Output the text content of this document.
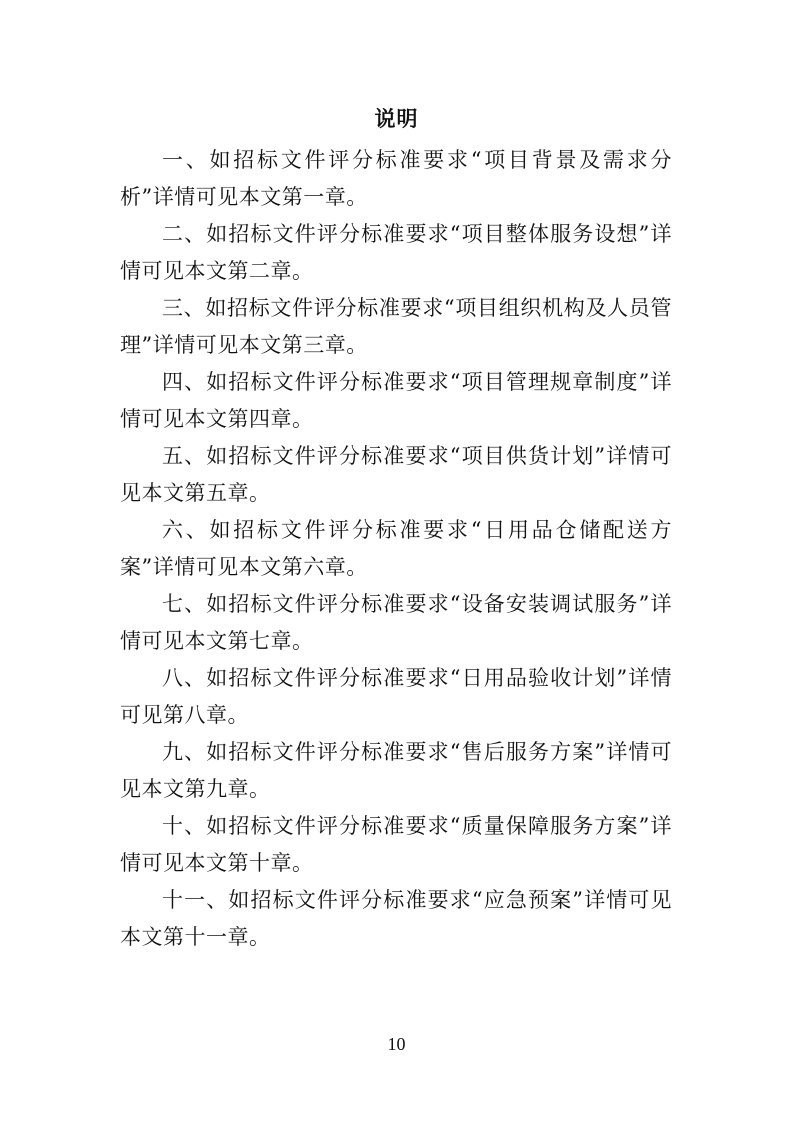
说明

一、如招标文件评分标准要求“项目背景及需求分析”详情可见本文第一章。

二、如招标文件评分标准要求“项目整体服务设想”详情可见本文第二章。

三、如招标文件评分标准要求“项目组织机构及人员管理”详情可见本文第三章。

四、如招标文件评分标准要求“项目管理规章制度”详情可见本文第四章。

五、如招标文件评分标准要求“项目供货计划”详情可见本文第五章。

六、如招标文件评分标准要求“日用品仓储配送方案”详情可见本文第六章。

七、如招标文件评分标准要求“设备安装调试服务”详情可见本文第七章。

八、如招标文件评分标准要求“日用品验收计划”详情可见第八章。

九、如招标文件评分标准要求“售后服务方案”详情可见本文第九章。

十、如招标文件评分标准要求“质量保障服务方案”详情可见本文第十章。

十一、如招标文件评分标准要求“应急预案”详情可见本文第十一章。

10
